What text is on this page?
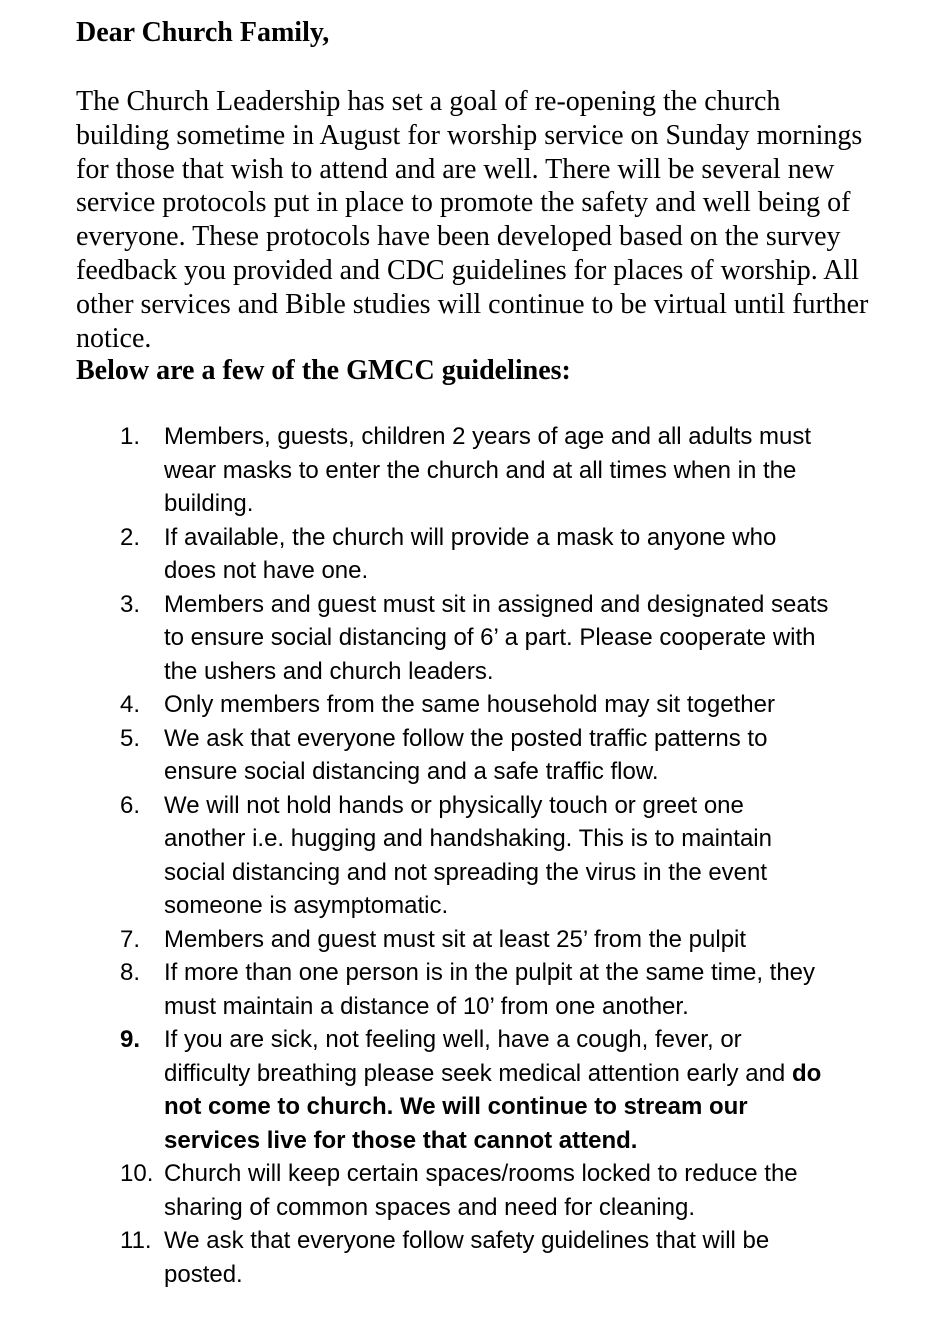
Dear Church Family,

The Church Leadership has set a goal of re-opening the church
building sometime in August for worship service on Sunday mornings
for those that wish to attend and are well. There will be several new
service protocols put in place to promote the safety and well being of
everyone. These protocols have been developed based on the survey
feedback you provided and CDC guidelines for places of worship. All
other services and Bible studies will continue to be virtual until further
notice.

Below are a few of the GMCC guidelines:

1. Members, guests, children 2 years of age and all adults must
wear masks to enter the church and at all times when in the
building.
2. If available, the church will provide a mask to anyone who
does not have one.
3. Members and guest must sit in assigned and designated seats
to ensure social distancing of 6’ a part. Please cooperate with
the ushers and church leaders.
4. Only members from the same household may sit together
5. We ask that everyone follow the posted traffic patterns to
ensure social distancing and a safe traffic flow.
6. We will not hold hands or physically touch or greet one
another i.e. hugging and handshaking. This is to maintain
social distancing and not spreading the virus in the event
someone is asymptomatic.
7. Members and guest must sit at least 25’ from the pulpit
8. If more than one person is in the pulpit at the same time, they
must maintain a distance of 10’ from one another.
9. If you are sick, not feeling well, have a cough, fever, or
difficulty breathing please seek medical attention early and do
not come to church. We will continue to stream our
services live for those that cannot attend.
10. Church will keep certain spaces/rooms locked to reduce the
sharing of common spaces and need for cleaning.
11. We ask that everyone follow safety guidelines that will be
posted.
